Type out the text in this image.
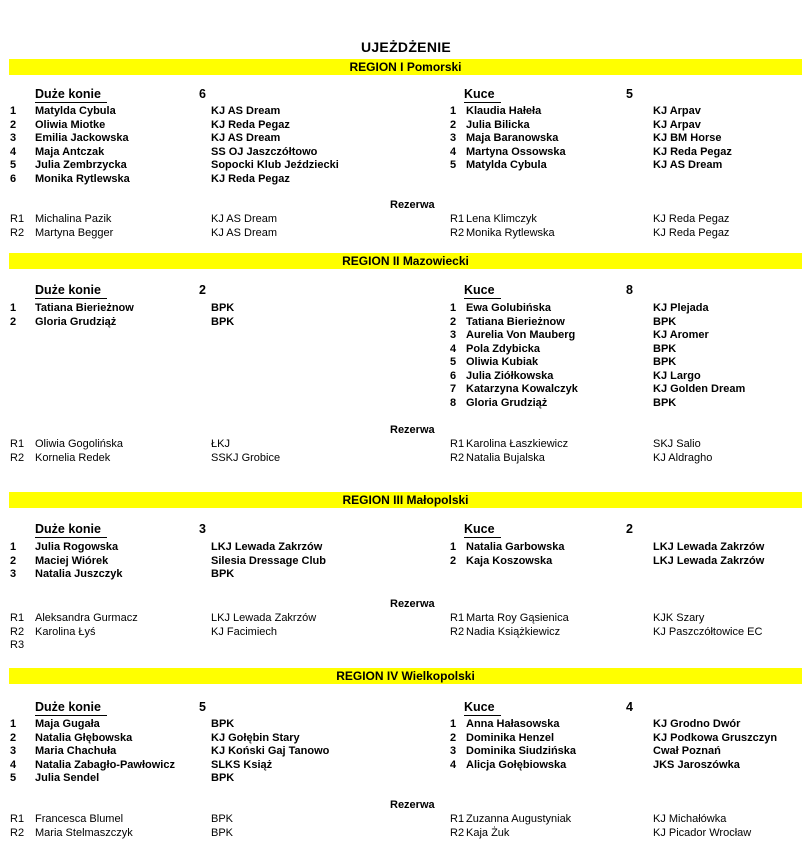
UJEŻDŻENIE
REGION I Pomorski
Duże konie	6
1 Matylda Cybula	KJ AS Dream
2 Oliwia Miotke	KJ Reda Pegaz
3 Emilia Jackowska	KJ AS Dream
4 Maja Antczak	SS OJ Jaszczółtowo
5 Julia Zembrzycka	Sopocki Klub Jeździecki
6 Monika Rytlewska	KJ Reda Pegaz
R1 Michalina Pazik	KJ AS Dream
R2 Martyna Begger	KJ AS Dream
Kuce	5
1 Klaudia Hałeła	KJ Arpav
2 Julia Bilicka	KJ Arpav
3 Maja Baranowska	KJ BM Horse
4 Martyna Ossowska	KJ Reda Pegaz
5 Matylda Cybula	KJ AS Dream
R1 Lena Klimczyk	KJ Reda Pegaz
R2 Monika Rytlewska	KJ Reda Pegaz
Rezerwa
REGION II Mazowiecki
Duże konie	2
1 Tatiana Bierieżnow	BPK
2 Gloria Grudziąż	BPK
R1 Oliwia Gogolińska	ŁKJ
R2 Kornelia Redek	SSKJ Grobice
Kuce	8
1 Ewa Golubińska	KJ Plejada
2 Tatiana Bierieżnow	BPK
3 Aurelia Von Mauberg	KJ Aromer
4 Pola Zdybicka	BPK
5 Oliwia Kubiak	BPK
6 Julia Ziółkowska	KJ Largo
7 Katarzyna Kowalczyk	KJ Golden Dream
8 Gloria Grudziąż	BPK
R1 Karolina Łaszkiewicz	SKJ Salio
R2 Natalia Bujalska	KJ Aldragho
Rezerwa
REGION III Małopolski
Duże konie	3
1 Julia Rogowska	LKJ Lewada Zakrzów
2 Maciej Wiórek	Silesia Dressage Club
3 Natalia Juszczyk	BPK
R1 Aleksandra Gurmacz	LKJ Lewada Zakrzów
R2 Karolina Łyś	KJ Facimiech
R3
Kuce	2
1 Natalia Garbowska	LKJ Lewada Zakrzów
2 Kaja Koszowska	LKJ Lewada Zakrzów
R1 Marta Roy Gąsienica	KJK Szary
R2 Nadia Książkiewicz	KJ Paszczółtowice EC
Rezerwa
REGION IV Wielkopolski
Duże konie	5
1 Maja Gugała	BPK
2 Natalia Głębowska	KJ Gołębin Stary
3 Maria Chachuła	KJ Koński Gaj Tanowo
4 Natalia Zabagło-Pawłowicz	SLKS Książ
5 Julia Sendel	BPK
R1 Francesca Blumel	BPK
R2 Maria Stelmaszczyk	BPK
Kuce	4
1 Anna Hałasowska	KJ Grodno Dwór
2 Dominika Henzel	KJ Podkowa Gruszczyn
3 Dominika Siudzińska	Cwał Poznań
4 Alicja Gołębiowska	JKS Jaroszówka
R1 Zuzanna Augustyniak	KJ Michałówka
R2 Kaja Żuk	KJ Picador Wrocław
Rezerwa
